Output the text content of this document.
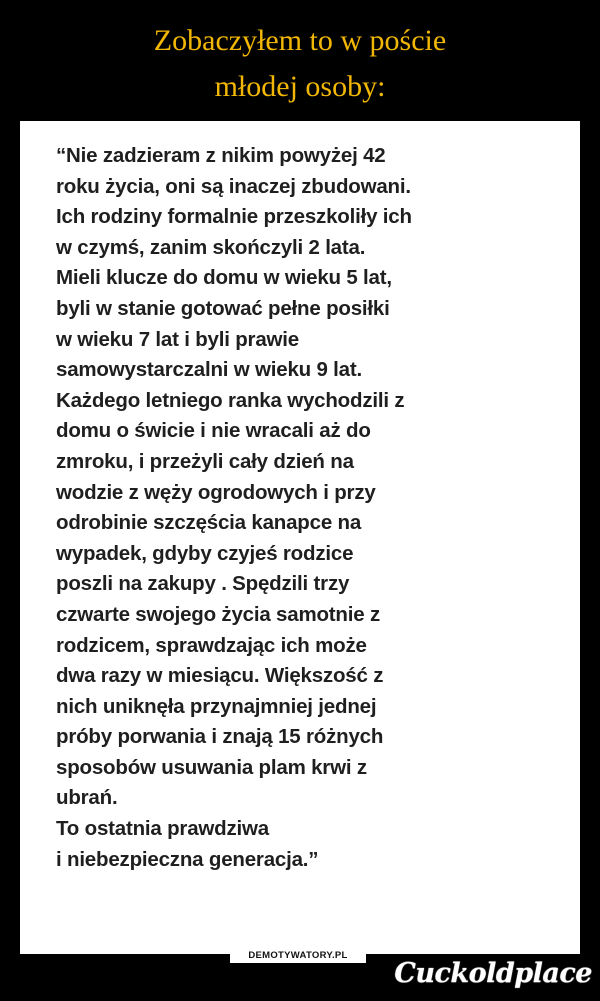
Zobaczyłem to w poście
młodej osoby:
“Nie zadzieram z nikim powyżej 42
roku życia, oni są inaczej zbudowani.
Ich rodziny formalnie przeszkoliły ich
w czymś, zanim skończyli 2 lata.
Mieli klucze do domu w wieku 5 lat,
byli w stanie gotować pełne posiłki
w wieku 7 lat i byli prawie
samowystarczalni w wieku 9 lat.
Każdego letniego ranka wychodzili z
domu o świcie i nie wracali aż do
zmroku, i przeżyli cały dzień na
wodzie z węży ogrodowych i przy
odrobinie szczęścia kanapce na
wypadek, gdyby czyjeś rodzice
poszli na zakupy . Spędzili trzy
czwarte swojego życia samotnie z
rodzicem, sprawdzając ich może
dwa razy w miesiącu. Większość z
nich uniknęła przynajmniej jednej
próby porwania i znają 15 różnych
sposobów usuwania plam krwi z
ubrań.
To ostatnia prawdziwa
i niebezpieczna generacja.”
DEMOTYWATORY.PL
Cuckoldplace
